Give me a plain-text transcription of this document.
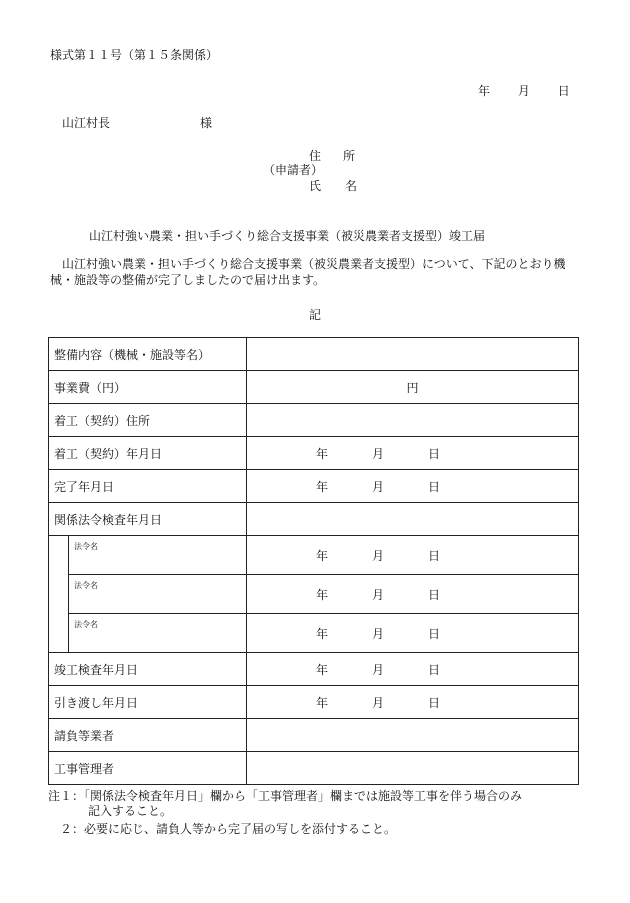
様式第１１号（第１５条関係）
年 月 日
山江村長	様
住 所
（申請者）
氏 名
山江村強い農業・担い手づくり総合支援事業（被災農業者支援型）竣工届
山江村強い農業・担い手づくり総合支援事業（被災農業者支援型）について、下記のとおり機械・施設等の整備が完了しましたので届け出ます。
記
整備内容（機械・施設等名）		
事業費（円）		円
着工（契約）住所		
着工（契約）年月日		年 月 日
完了年月日		年 月 日
関係法令検査年月日		
	法令名	年 月 日
	法令名	年 月 日
	法令名	年 月 日
竣工検査年月日		年 月 日
引き渡し年月日		年 月 日
請負等業者		
工事管理者		
注１：「関係法令検査年月日」欄から「工事管理者」欄までは施設等工事を伴う場合のみ
記入すること。
２：必要に応じ、請負人等から完了届の写しを添付すること。
